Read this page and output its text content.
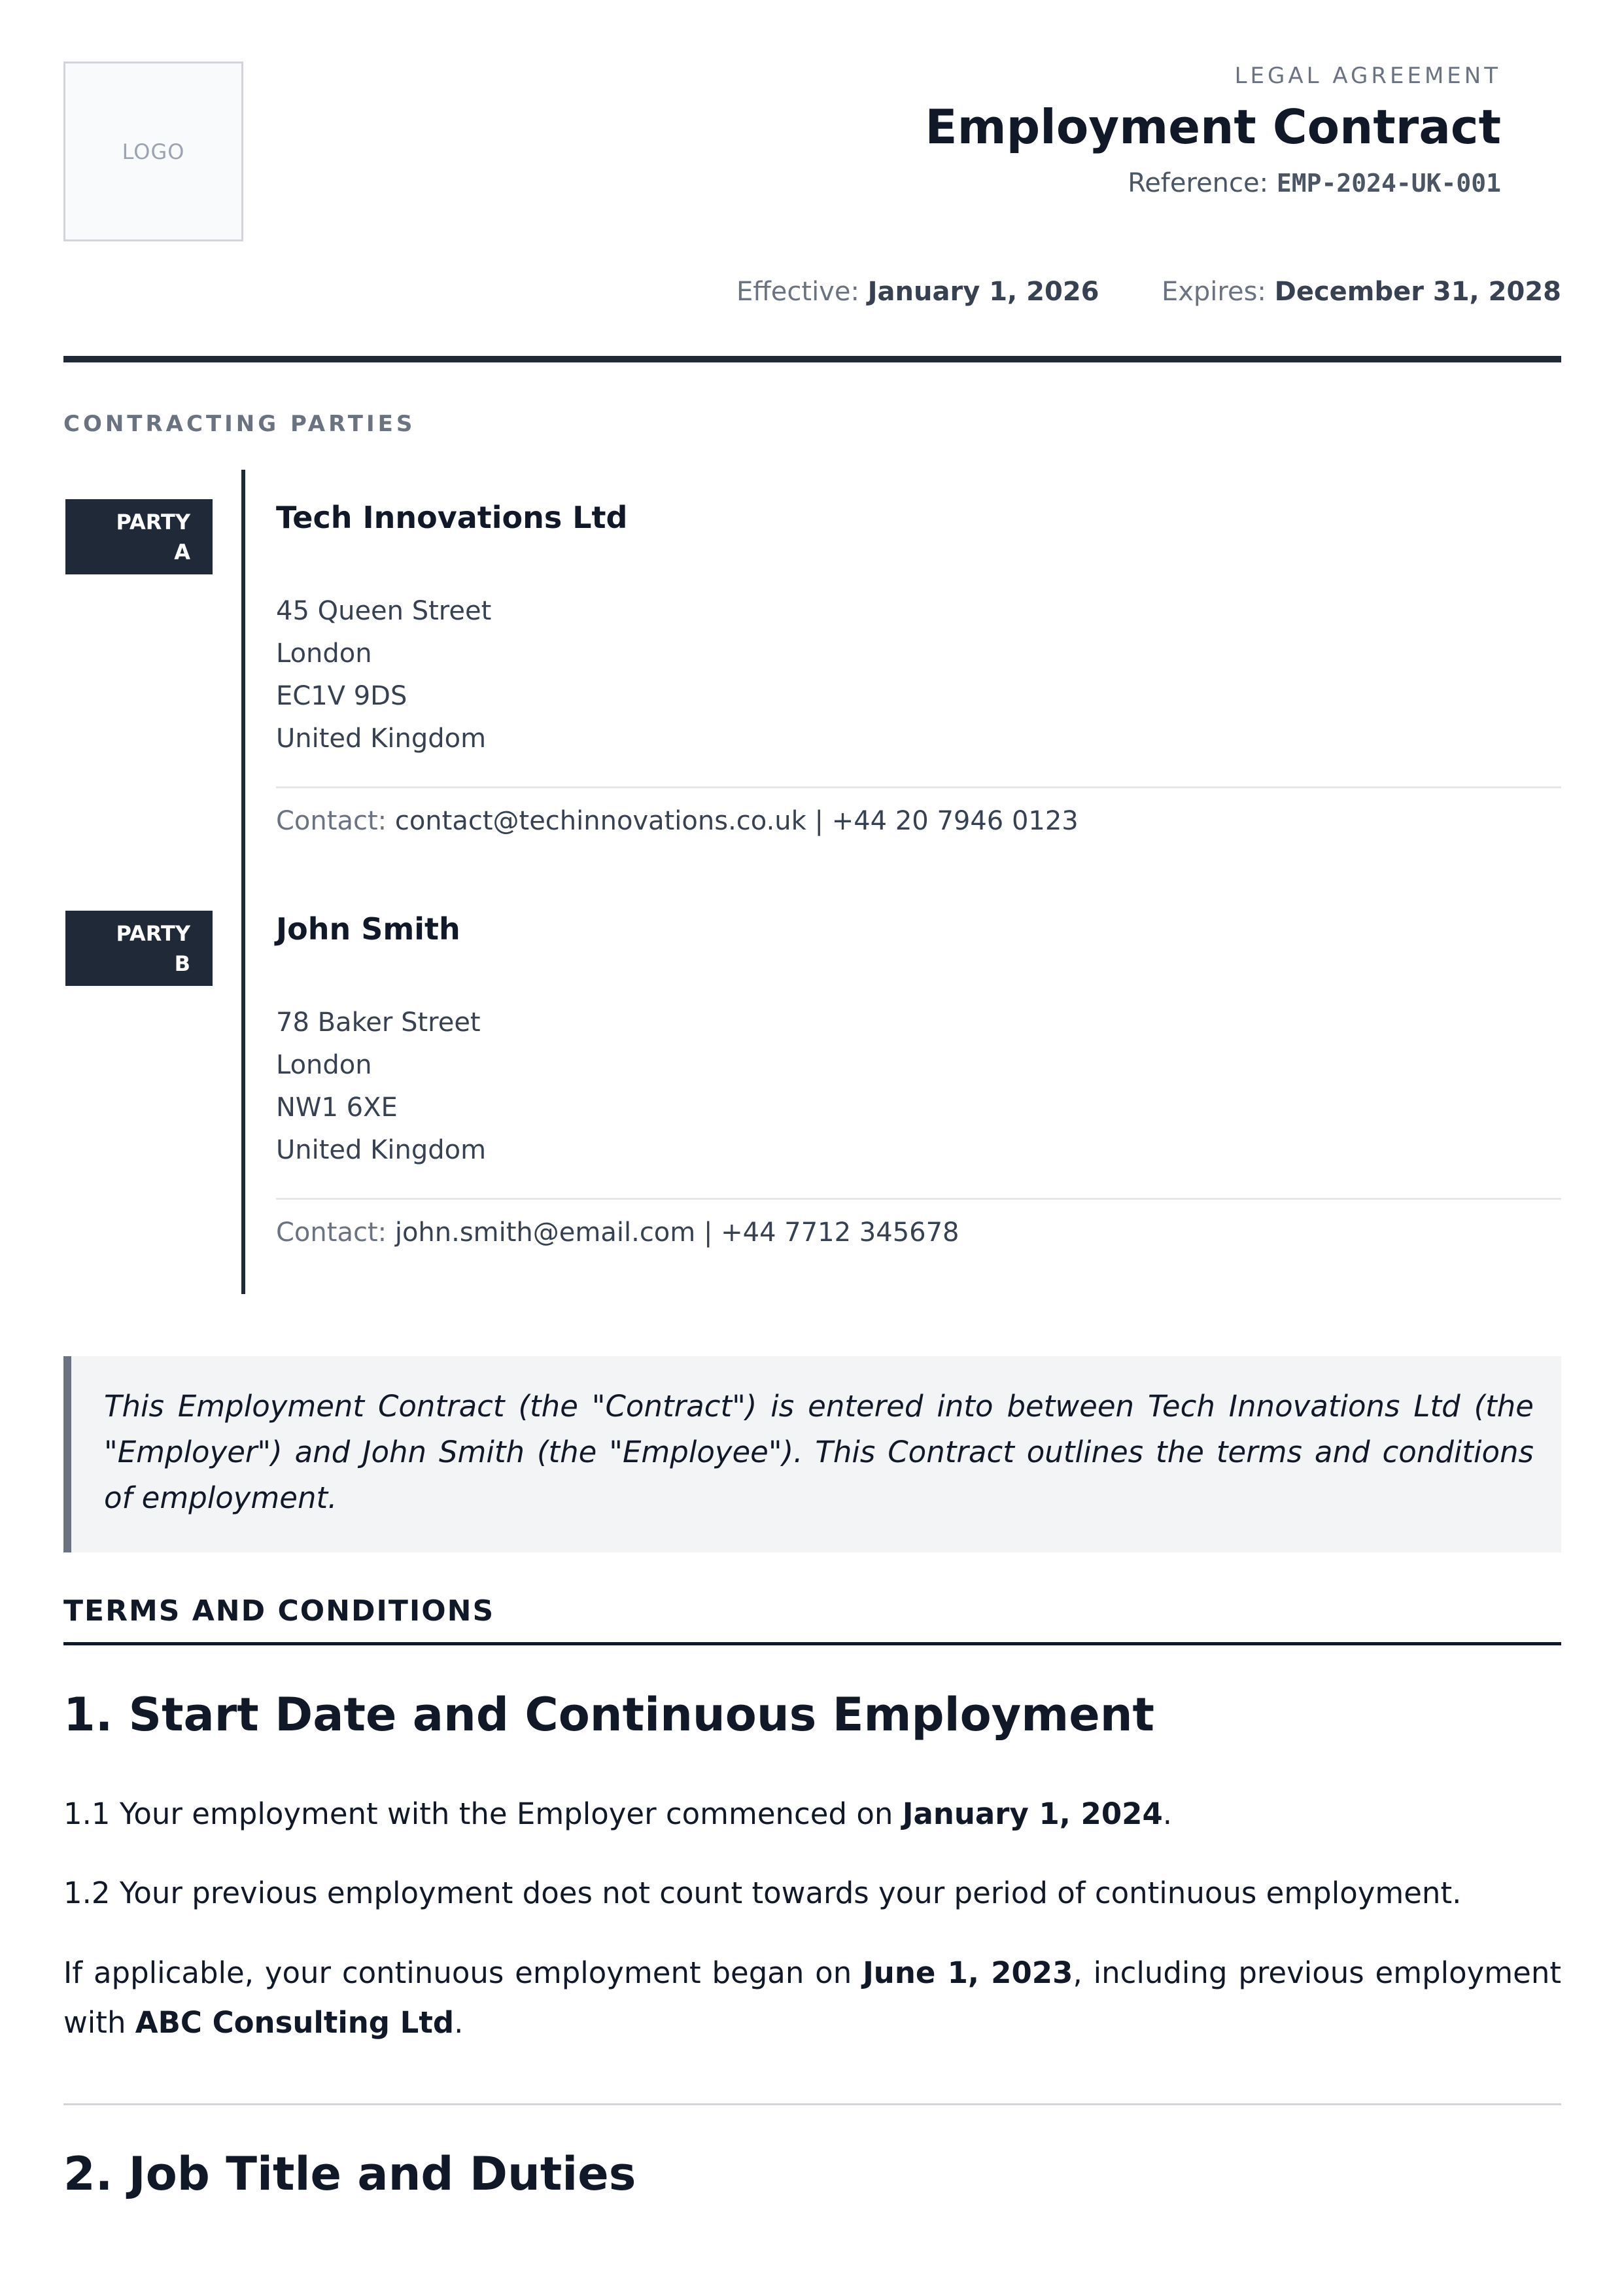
LOGO
LEGAL AGREEMENT
Employment Contract
Reference: EMP-2024-UK-001
Effective: January 1, 2026 Expires: December 31, 2028
CONTRACTING PARTIES
PARTY
A
Tech Innovations Ltd
45 Queen Street
London
EC1V 9DS
United Kingdom
Contact: contact@techinnovations.co.uk | +44 20 7946 0123
PARTY
B
John Smith
78 Baker Street
London
NW1 6XE
United Kingdom
Contact: john.smith@email.com | +44 7712 345678
This Employment Contract (the "Contract") is entered into between Tech Innovations Ltd (the "Employer") and John Smith (the "Employee"). This Contract outlines the terms and conditions of employment.
TERMS AND CONDITIONS
1. Start Date and Continuous Employment
1.1 Your employment with the Employer commenced on January 1, 2024.
1.2 Your previous employment does not count towards your period of continuous employment.
If applicable, your continuous employment began on June 1, 2023, including previous employment with ABC Consulting Ltd.
2. Job Title and Duties
